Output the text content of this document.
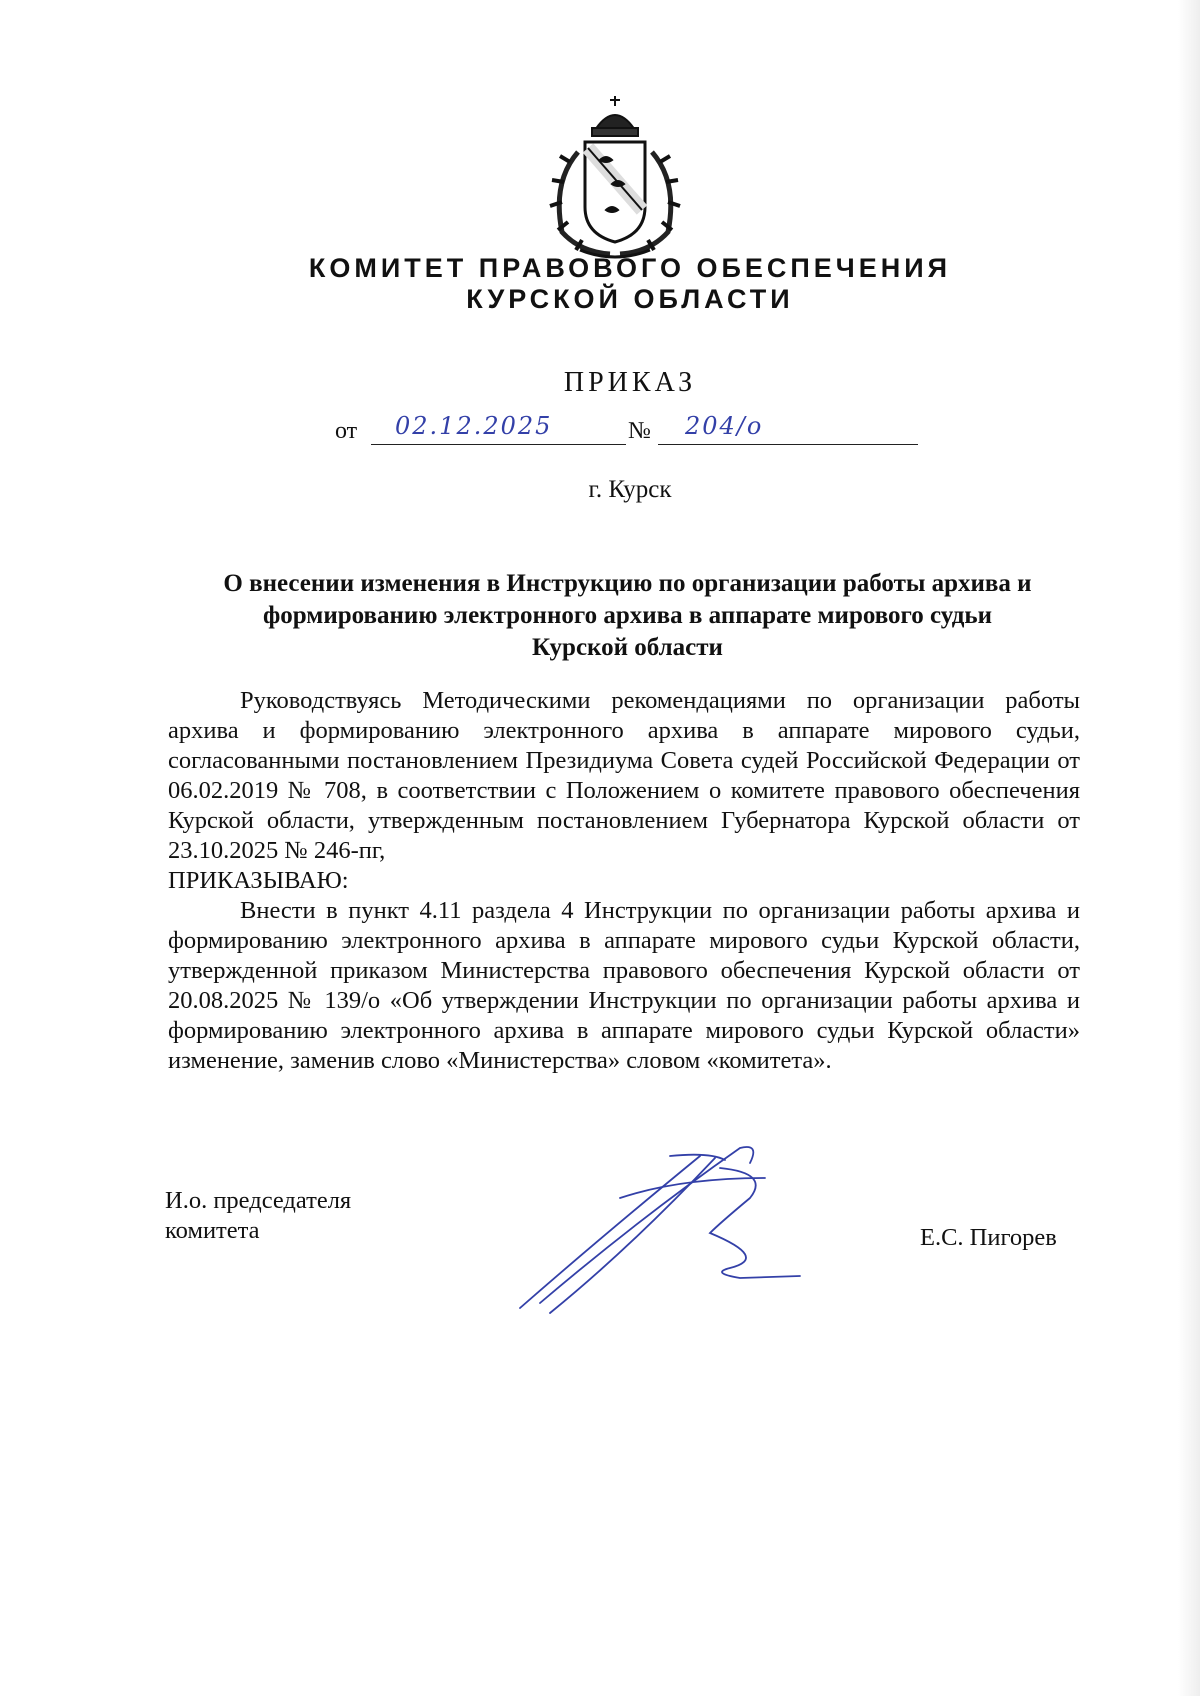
КОМИТЕТ ПРАВОВОГО ОБЕСПЕЧЕНИЯ
КУРСКОЙ ОБЛАСТИ
ПРИКАЗ
от 02.12.2025	№ 204/о
г. Курск
О внесении изменения в Инструкцию по организации работы архива и
формированию электронного архива в аппарате мирового судьи
Курской области

Руководствуясь Методическими рекомендациями по организации работы архива и формированию электронного архива в аппарате мирового судьи, согласованными постановлением Президиума Совета судей Российской Федерации от 06.02.2019 № 708, в соответствии с Положением о комитете правового обеспечения Курской области, утвержденным постановлением Губернатора Курской области от 23.10.2025 № 246-пг,

ПРИКАЗЫВАЮ:

Внести в пункт 4.11 раздела 4 Инструкции по организации работы архива и формированию электронного архива в аппарате мирового судьи Курской области, утвержденной приказом Министерства правового обеспечения Курской области от 20.08.2025 № 139/о «Об утверждении Инструкции по организации работы архива и формированию электронного архива в аппарате мирового судьи Курской области» изменение, заменив слово «Министерства» словом «комитета».

И.о. председателя
комитета	Е.С. Пигорев
